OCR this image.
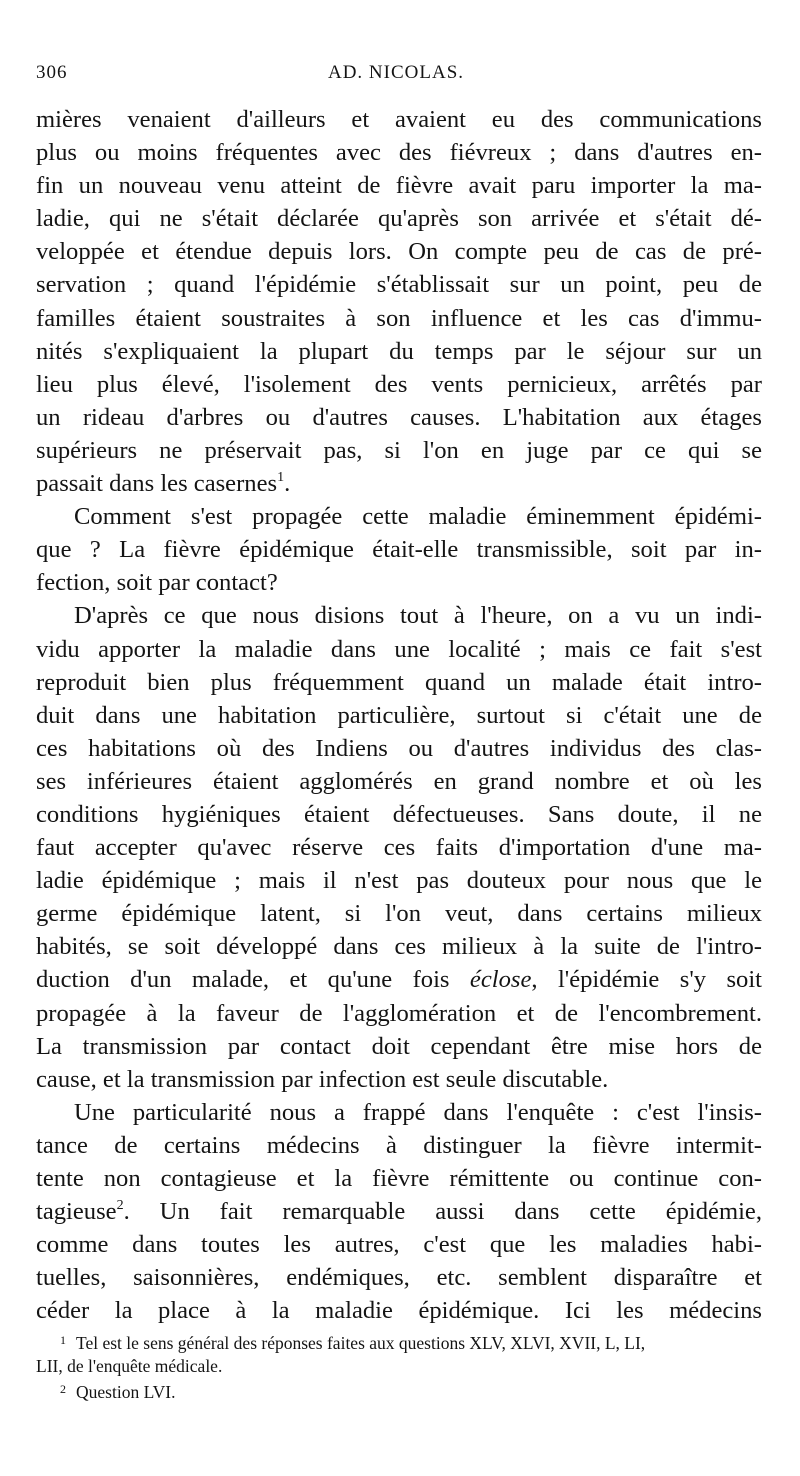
306	AD. NICOLAS.
mières venaient d'ailleurs et avaient eu des communications
plus ou moins fréquentes avec des fiévreux ; dans d'autres en-
fin un nouveau venu atteint de fièvre avait paru importer la ma-
ladie, qui ne s'était déclarée qu'après son arrivée et s'était dé-
veloppée et étendue depuis lors. On compte peu de cas de pré-
servation ; quand l'épidémie s'établissait sur un point, peu de
familles étaient soustraites à son influence et les cas d'immu-
nités s'expliquaient la plupart du temps par le séjour sur un
lieu plus élevé, l'isolement des vents pernicieux, arrêtés par
un rideau d'arbres ou d'autres causes. L'habitation aux étages
supérieurs ne préservait pas, si l'on en juge par ce qui se
passait dans les casernes$^1$.
Comment s'est propagée cette maladie éminemment épidémi-
que ? La fièvre épidémique était-elle transmissible, soit par in-
fection, soit par contact?
D'après ce que nous disions tout à l'heure, on a vu un indi-
vidu apporter la maladie dans une localité ; mais ce fait s'est
reproduit bien plus fréquemment quand un malade était intro-
duit dans une habitation particulière, surtout si c'était une de
ces habitations où des Indiens ou d'autres individus des clas-
ses inférieures étaient agglomérés en grand nombre et où les
conditions hygiéniques étaient défectueuses. Sans doute, il ne
faut accepter qu'avec réserve ces faits d'importation d'une ma-
ladie épidémique ; mais il n'est pas douteux pour nous que le
germe épidémique latent, si l'on veut, dans certains milieux
habités, se soit développé dans ces milieux à la suite de l'intro-
duction d'un malade, et qu'une fois éclose, l'épidémie s'y soit
propagée à la faveur de l'agglomération et de l'encombrement.
La transmission par contact doit cependant être mise hors de
cause, et la transmission par infection est seule discutable.
Une particularité nous a frappé dans l'enquête : c'est l'insis-
tance de certains médecins à distinguer la fièvre intermit-
tente non contagieuse et la fièvre rémittente ou continue con-
tagieuse$^2$. Un fait remarquable aussi dans cette épidémie,
comme dans toutes les autres, c'est que les maladies habi-
tuelles, saisonnières, endémiques, etc. semblent disparaître et
céder la place à la maladie épidémique. Ici les médecins
1 Tel est le sens général des réponses faites aux questions XLV, XLVI, XVII, L, LI,
LII, de l'enquête médicale.
2 Question LVI.
